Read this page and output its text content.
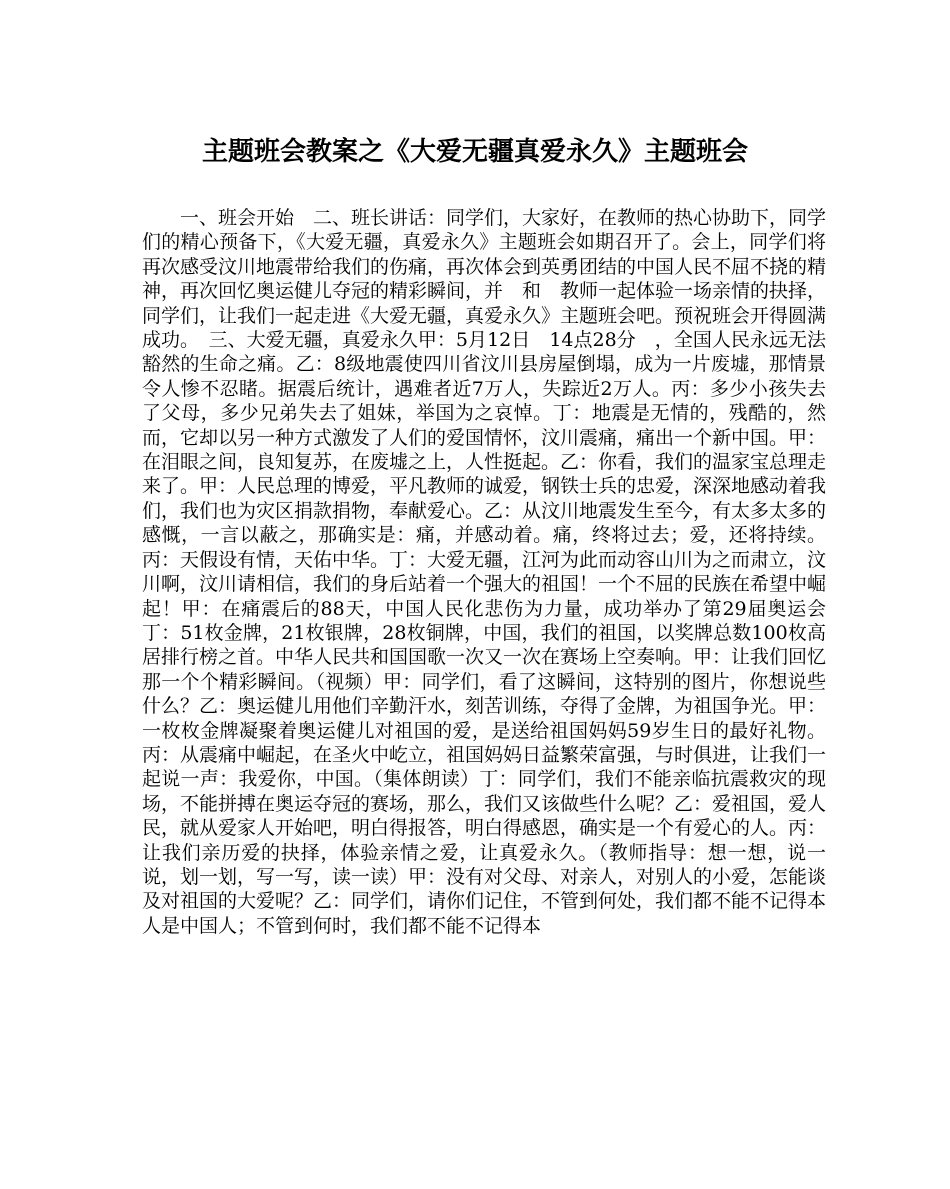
主题班会教案之《大爱无疆真爱永久》主题班会

一、班会开始　二、班长讲话：同学们，大家好，在教师的热心协助下，同学们的精心预备下，《大爱无疆，真爱永久》主题班会如期召开了。会上，同学们将再次感受汶川地震带给我们的伤痛，再次体会到英勇团结的中国人民不屈不挠的精神，再次回忆奥运健儿夺冠的精彩瞬间，并　和　教师一起体验一场亲情的抉择，同学们，让我们一起走进《大爱无疆，真爱永久》主题班会吧。预祝班会开得圆满成功。　三、大爱无疆，真爱永久甲：5月12日　14点28分　，全国人民永远无法豁然的生命之痛。乙：8级地震使四川省汶川县房屋倒塌，成为一片废墟，那情景令人惨不忍睹。据震后统计，遇难者近7万人，失踪近2万人。丙：多少小孩失去了父母，多少兄弟失去了姐妹，举国为之哀悼。丁：地震是无情的，残酷的，然而，它却以另一种方式激发了人们的爱国情怀，汶川震痛，痛出一个新中国。甲：在泪眼之间，良知复苏，在废墟之上，人性挺起。乙：你看，我们的温家宝总理走来了。甲：人民总理的博爱，平凡教师的诚爱，钢铁士兵的忠爱，深深地感动着我们，我们也为灾区捐款捐物，奉献爱心。乙：从汶川地震发生至今，有太多太多的感慨，一言以蔽之，那确实是：痛，并感动着。痛，终将过去；爱，还将持续。丙：天假设有情，天佑中华。丁：大爱无疆，江河为此而动容山川为之而肃立，汶川啊，汶川请相信，我们的身后站着一个强大的祖国！一个不屈的民族在希望中崛起！甲：在痛震后的88天，中国人民化悲伤为力量，成功举办了第29届奥运会丁：51枚金牌，21枚银牌，28枚铜牌，中国，我们的祖国，以奖牌总数100枚高居排行榜之首。中华人民共和国国歌一次又一次在赛场上空奏响。甲：让我们回忆那一个个精彩瞬间。（视频）甲：同学们，看了这瞬间，这特别的图片，你想说些什么？乙：奥运健儿用他们辛勤汗水，刻苦训练，夺得了金牌，为祖国争光。甲：一枚枚金牌凝聚着奥运健儿对祖国的爱，是送给祖国妈妈59岁生日的最好礼物。丙：从震痛中崛起，在圣火中屹立，祖国妈妈日益繁荣富强，与时俱进，让我们一起说一声：我爱你，中国。（集体朗读）丁：同学们，我们不能亲临抗震救灾的现场，不能拼搏在奥运夺冠的赛场，那么，我们又该做些什么呢？乙：爱祖国，爱人民，就从爱家人开始吧，明白得报答，明白得感恩，确实是一个有爱心的人。丙：让我们亲历爱的抉择，体验亲情之爱，让真爱永久。（教师指导：想一想，说一说，划一划，写一写，读一读）甲：没有对父母、对亲人，对别人的小爱，怎能谈及对祖国的大爱呢？乙：同学们，请你们记住，不管到何处，我们都不能不记得本人是中国人；不管到何时，我们都不能不记得本
